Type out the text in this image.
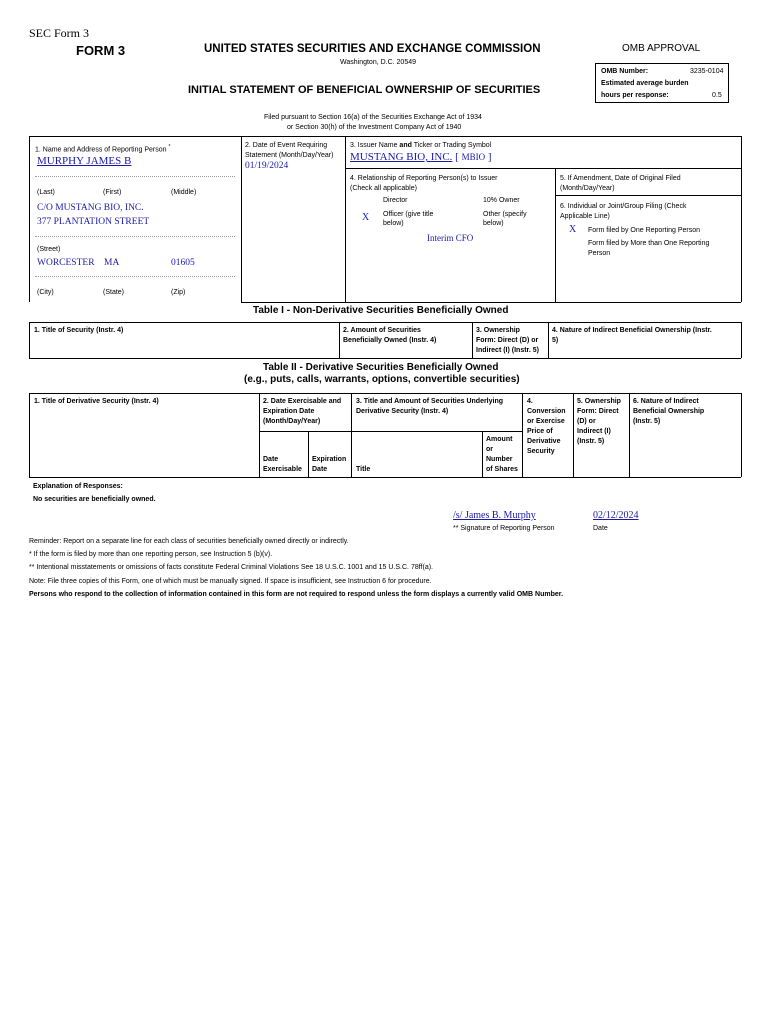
SEC Form 3
FORM 3	UNITED STATES SECURITIES AND EXCHANGE COMMISSION
Washington, D.C. 20549
INITIAL STATEMENT OF BENEFICIAL OWNERSHIP OF SECURITIES
OMB APPROVAL
OMB Number:	3235-0104
Estimated average burden
hours per response:	0.5
Filed pursuant to Section 16(a) of the Securities Exchange Act of 1934
or Section 30(h) of the Investment Company Act of 1940
1. Name and Address of Reporting Person *
MURPHY JAMES B
(Last)	(First)	(Middle)
C/O MUSTANG BIO, INC.
377 PLANTATION STREET
(Street)
WORCESTER MA	01605
(City)	(State)	(Zip)
2. Date of Event Requiring
Statement (Month/Day/Year)
01/19/2024
3. Issuer Name and Ticker or Trading Symbol
MUSTANG BIO, INC. [ MBIO ]
4. Relationship of Reporting Person(s) to Issuer
(Check all applicable)
Director	10% Owner
X Officer (give title
below)
Other (specify
below)
Interim CFO
5. If Amendment, Date of Original Filed
(Month/Day/Year)
6. Individual or Joint/Group Filing (Check
Applicable Line)
X Form filed by One Reporting Person
Form filed by More than One Reporting
Person
Table I - Non-Derivative Securities Beneficially Owned
1. Title of Security (Instr. 4)	2. Amount of Securities
Beneficially Owned (Instr. 4)
3. Ownership
Form: Direct (D) or
Indirect (I) (Instr. 5)
4. Nature of Indirect Beneficial Ownership (Instr.
5)
Table II - Derivative Securities Beneficially Owned
(e.g., puts, calls, warrants, options, convertible securities)
1. Title of Derivative Security (Instr. 4)	2. Date Exercisable and
Expiration Date
(Month/Day/Year)
Date
Exercisable
Expiration
Date
3. Title and Amount of Securities Underlying
Derivative Security (Instr. 4)
Title
Amount
or
Number
of Shares
4.
Conversion
or Exercise
Price of
Derivative
Security
5. Ownership
Form: Direct
(D) or
Indirect (I)
(Instr. 5)
6. Nature of Indirect
Beneficial Ownership
(Instr. 5)
Explanation of Responses:
No securities are beneficially owned.
/s/ James B. Murphy	02/12/2024
** Signature of Reporting Person	Date
Reminder: Report on a separate line for each class of securities beneficially owned directly or indirectly.
* If the form is filed by more than one reporting person, see Instruction 5 (b)(v).
** Intentional misstatements or omissions of facts constitute Federal Criminal Violations See 18 U.S.C. 1001 and 15 U.S.C. 78ff(a).
Note: File three copies of this Form, one of which must be manually signed. If space is insufficient, see Instruction 6 for procedure.
Persons who respond to the collection of information contained in this form are not required to respond unless the form displays a currently valid OMB Number.
